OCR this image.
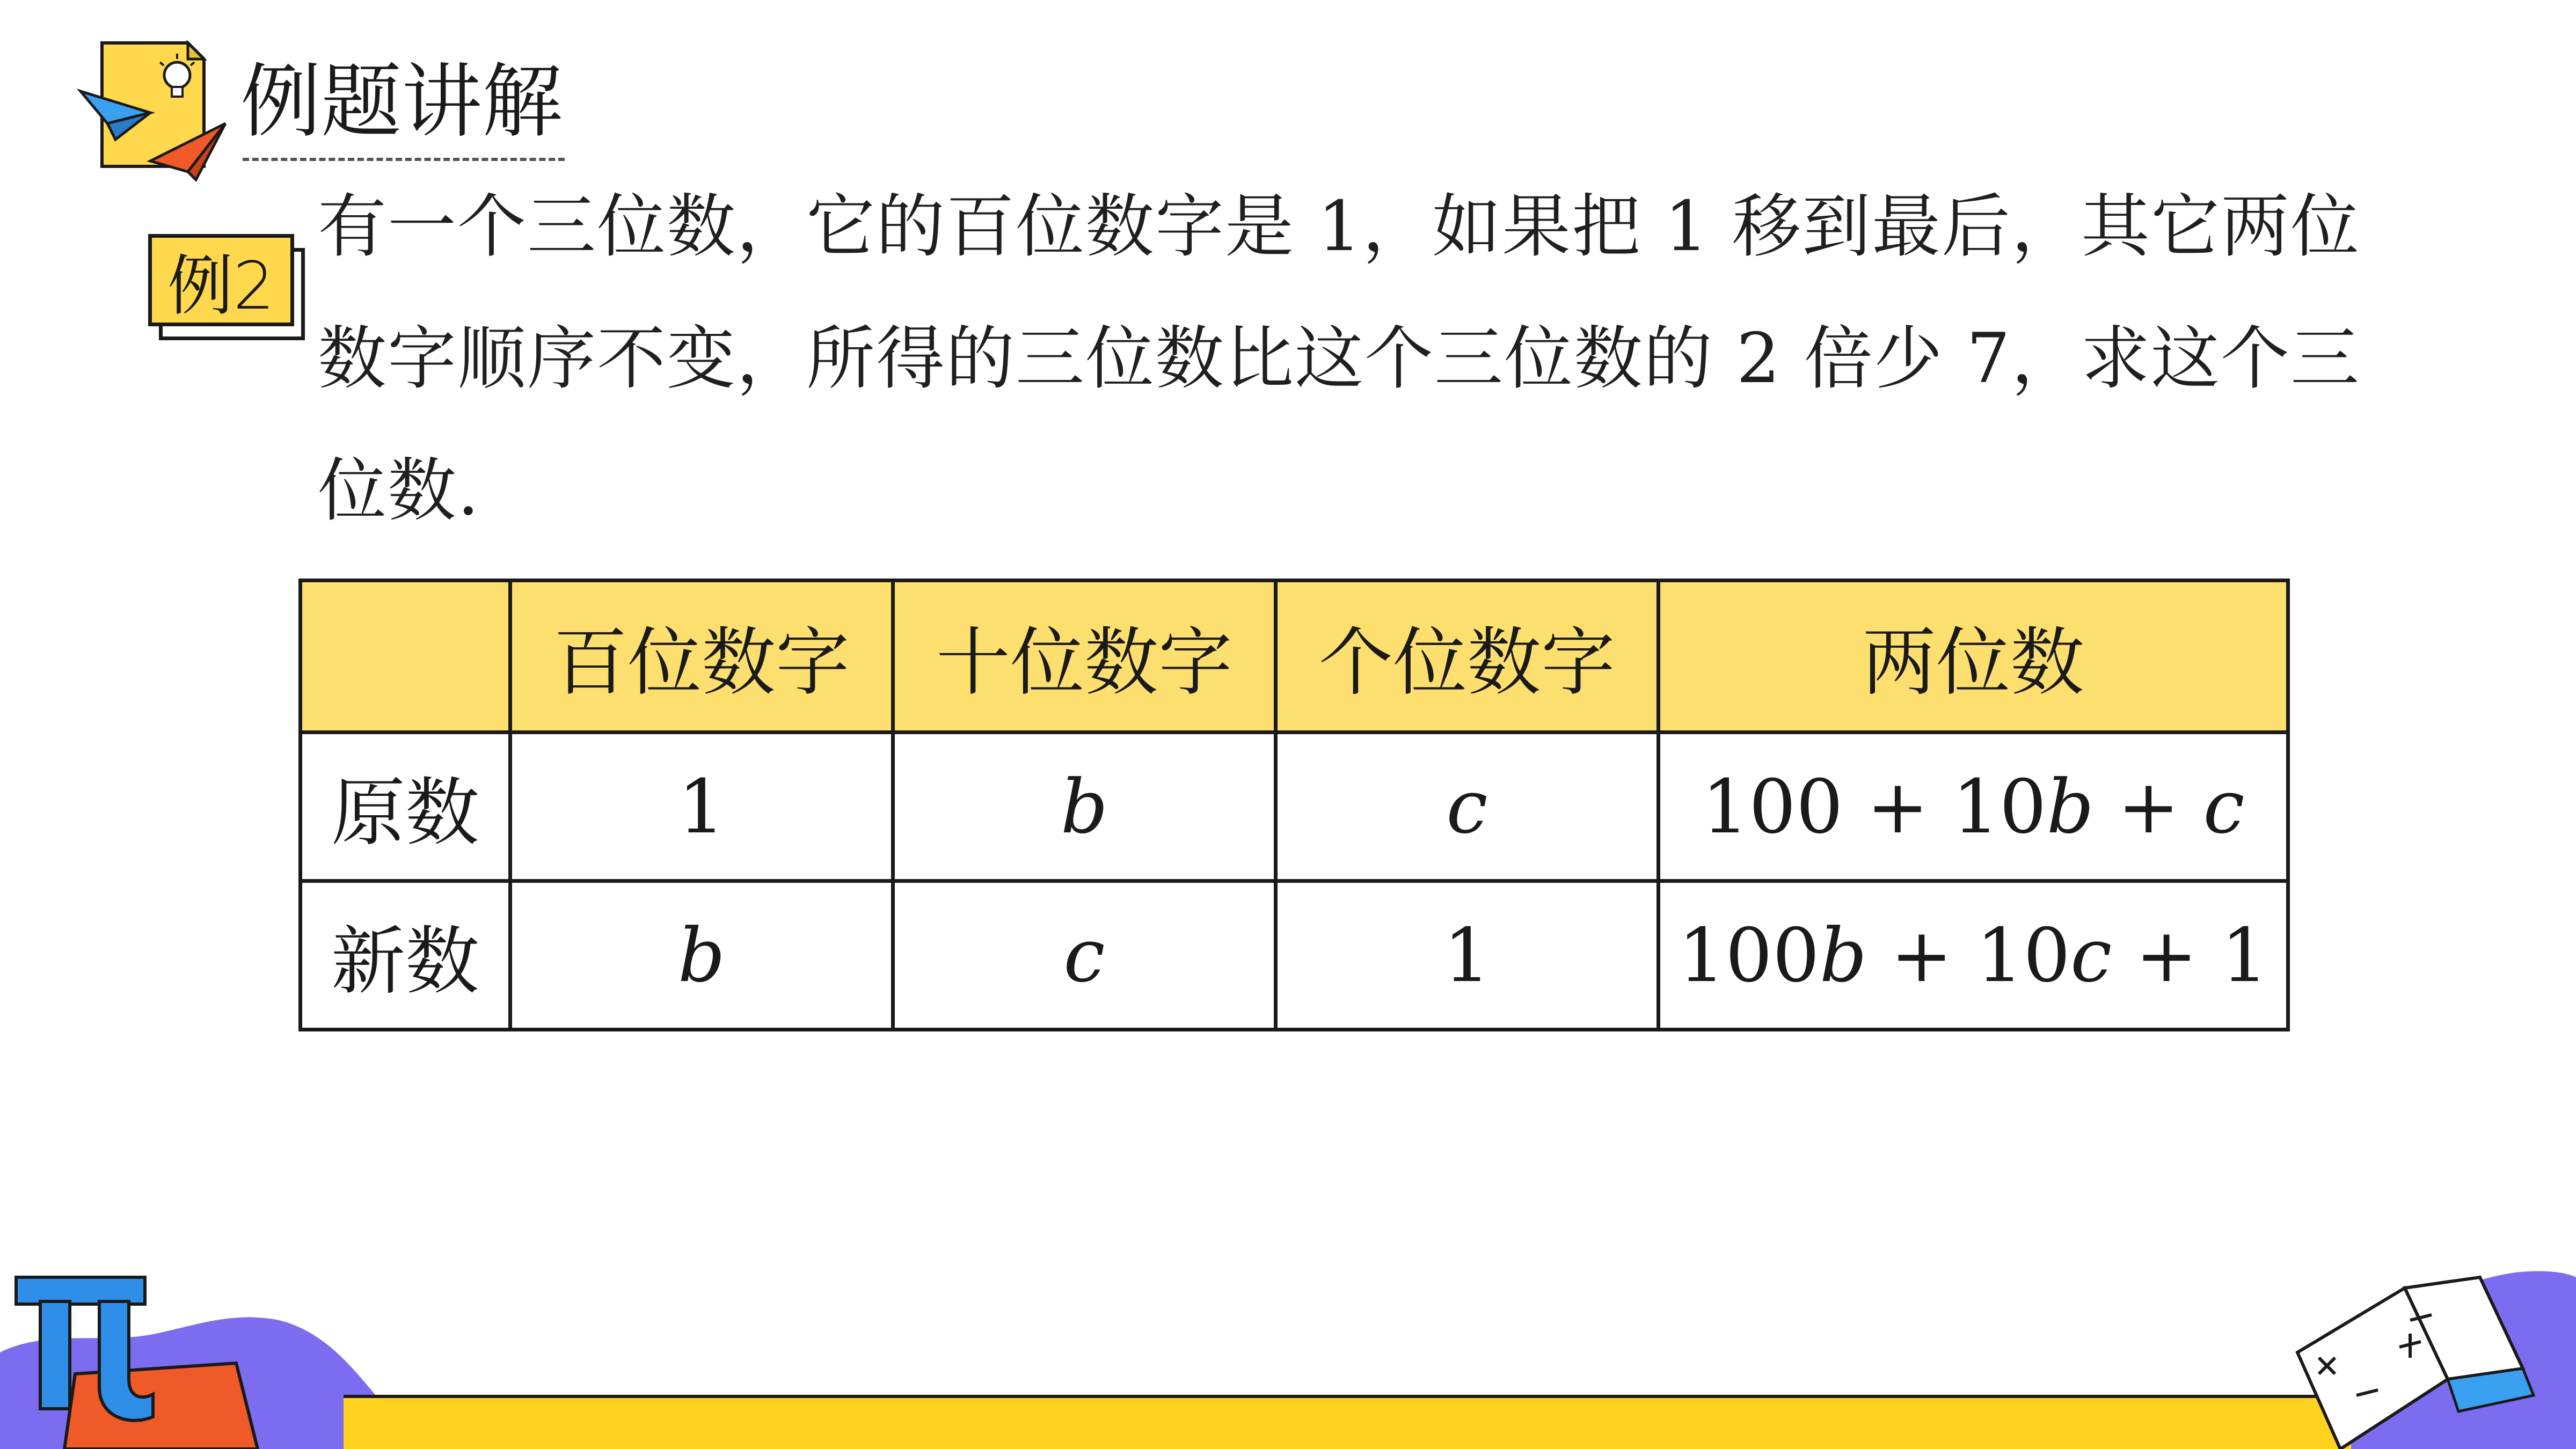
例题讲解
例2

有一个三位数，它的百位数字是 1，如果把 1 移到最后，其它两位数字顺序不变，所得的三位数比这个三位数的 2 倍少 7，求这个三位数.

	百位数字	十位数字	个位数字	两位数
原数	1	b	c	100 + 10b + c
新数	b	c	1	100b + 10c + 1
